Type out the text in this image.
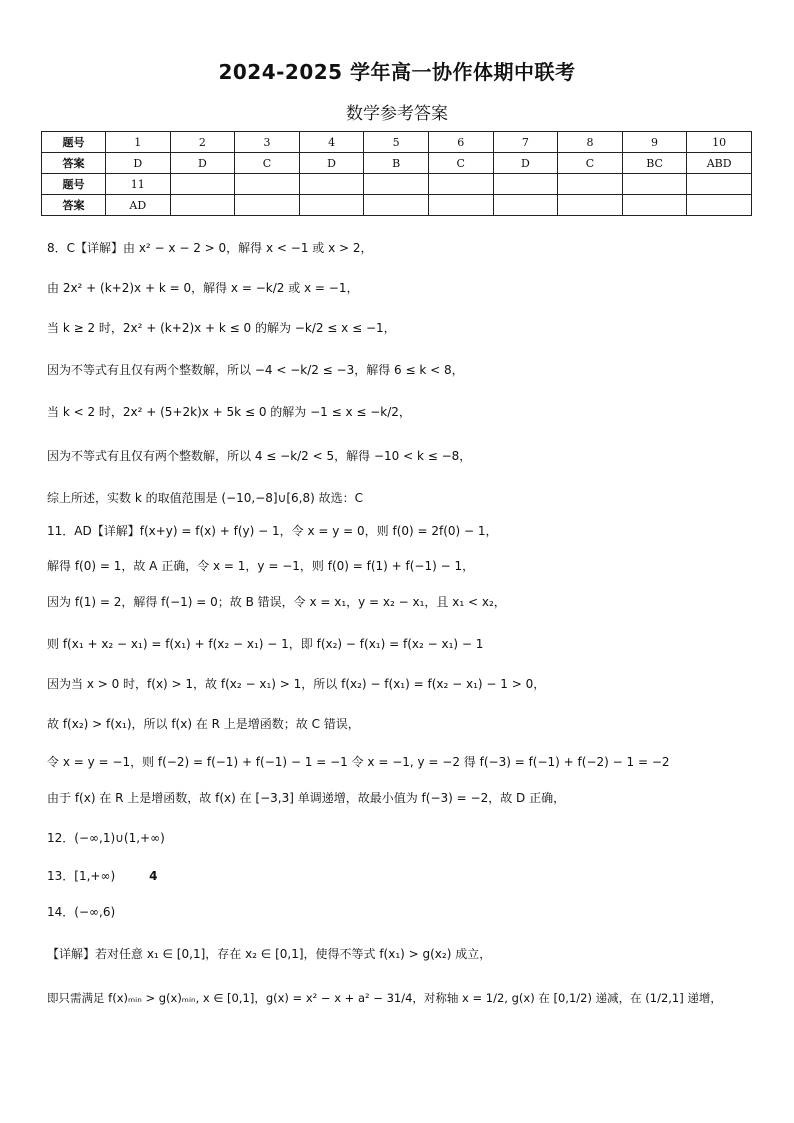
2024-2025 学年高一协作体期中联考
数学参考答案
题号	1	2	3	4	5	6	7	8	9	10
答案	D	D	C	D	B	C	D	C	BC	ABD
题号	11									
答案	AD									
8．C【详解】由 x² − x − 2 > 0，解得 x < −1 或 x > 2，
由 2x² + (k+2)x + k = 0，解得 x = −k/2 或 x = −1，
当 k ≥ 2 时，2x² + (k+2)x + k ≤ 0 的解为 −k/2 ≤ x ≤ −1，
因为不等式有且仅有两个整数解，所以 −4 < −k/2 ≤ −3，解得 6 ≤ k < 8，
当 k < 2 时，2x² + (5+2k)x + 5k ≤ 0 的解为 −1 ≤ x ≤ −k/2，
因为不等式有且仅有两个整数解，所以 4 ≤ −k/2 < 5，解得 −10 < k ≤ −8，
综上所述，实数 k 的取值范围是 (−10,−8]∪[6,8) 故选：C
11．AD【详解】f(x+y) = f(x) + f(y) − 1，令 x = y = 0，则 f(0) = 2f(0) − 1，
解得 f(0) = 1，故 A 正确，令 x = 1，y = −1，则 f(0) = f(1) + f(−1) − 1，
因为 f(1) = 2，解得 f(−1) = 0；故 B 错误，令 x = x₁，y = x₂ − x₁，且 x₁ < x₂，
则 f(x₁ + x₂ − x₁) = f(x₁) + f(x₂ − x₁) − 1，即 f(x₂) − f(x₁) = f(x₂ − x₁) − 1
因为当 x > 0 时，f(x) > 1，故 f(x₂ − x₁) > 1，所以 f(x₂) − f(x₁) = f(x₂ − x₁) − 1 > 0，
故 f(x₂) > f(x₁)，所以 f(x) 在 R 上是增函数；故 C 错误，
令 x = y = −1，则 f(−2) = f(−1) + f(−1) − 1 = −1 令 x = −1, y = −2 得 f(−3) = f(−1) + f(−2) − 1 = −2
由于 f(x) 在 R 上是增函数，故 f(x) 在 [−3,3] 单调递增，故最小值为 f(−3) = −2，故 D 正确，
12．(−∞,1)∪(1,+∞)
13．[1,+∞)	4
14．(−∞,6)
【详解】若对任意 x₁ ∈ [0,1]，存在 x₂ ∈ [0,1]，使得不等式 f(x₁) > g(x₂) 成立，
即只需满足 f(x)ₘᵢₙ > g(x)ₘᵢₙ, x ∈ [0,1]，g(x) = x² − x + a² − 31/4，对称轴 x = 1/2, g(x) 在 [0,1/2) 递减，在 (1/2,1] 递增，
